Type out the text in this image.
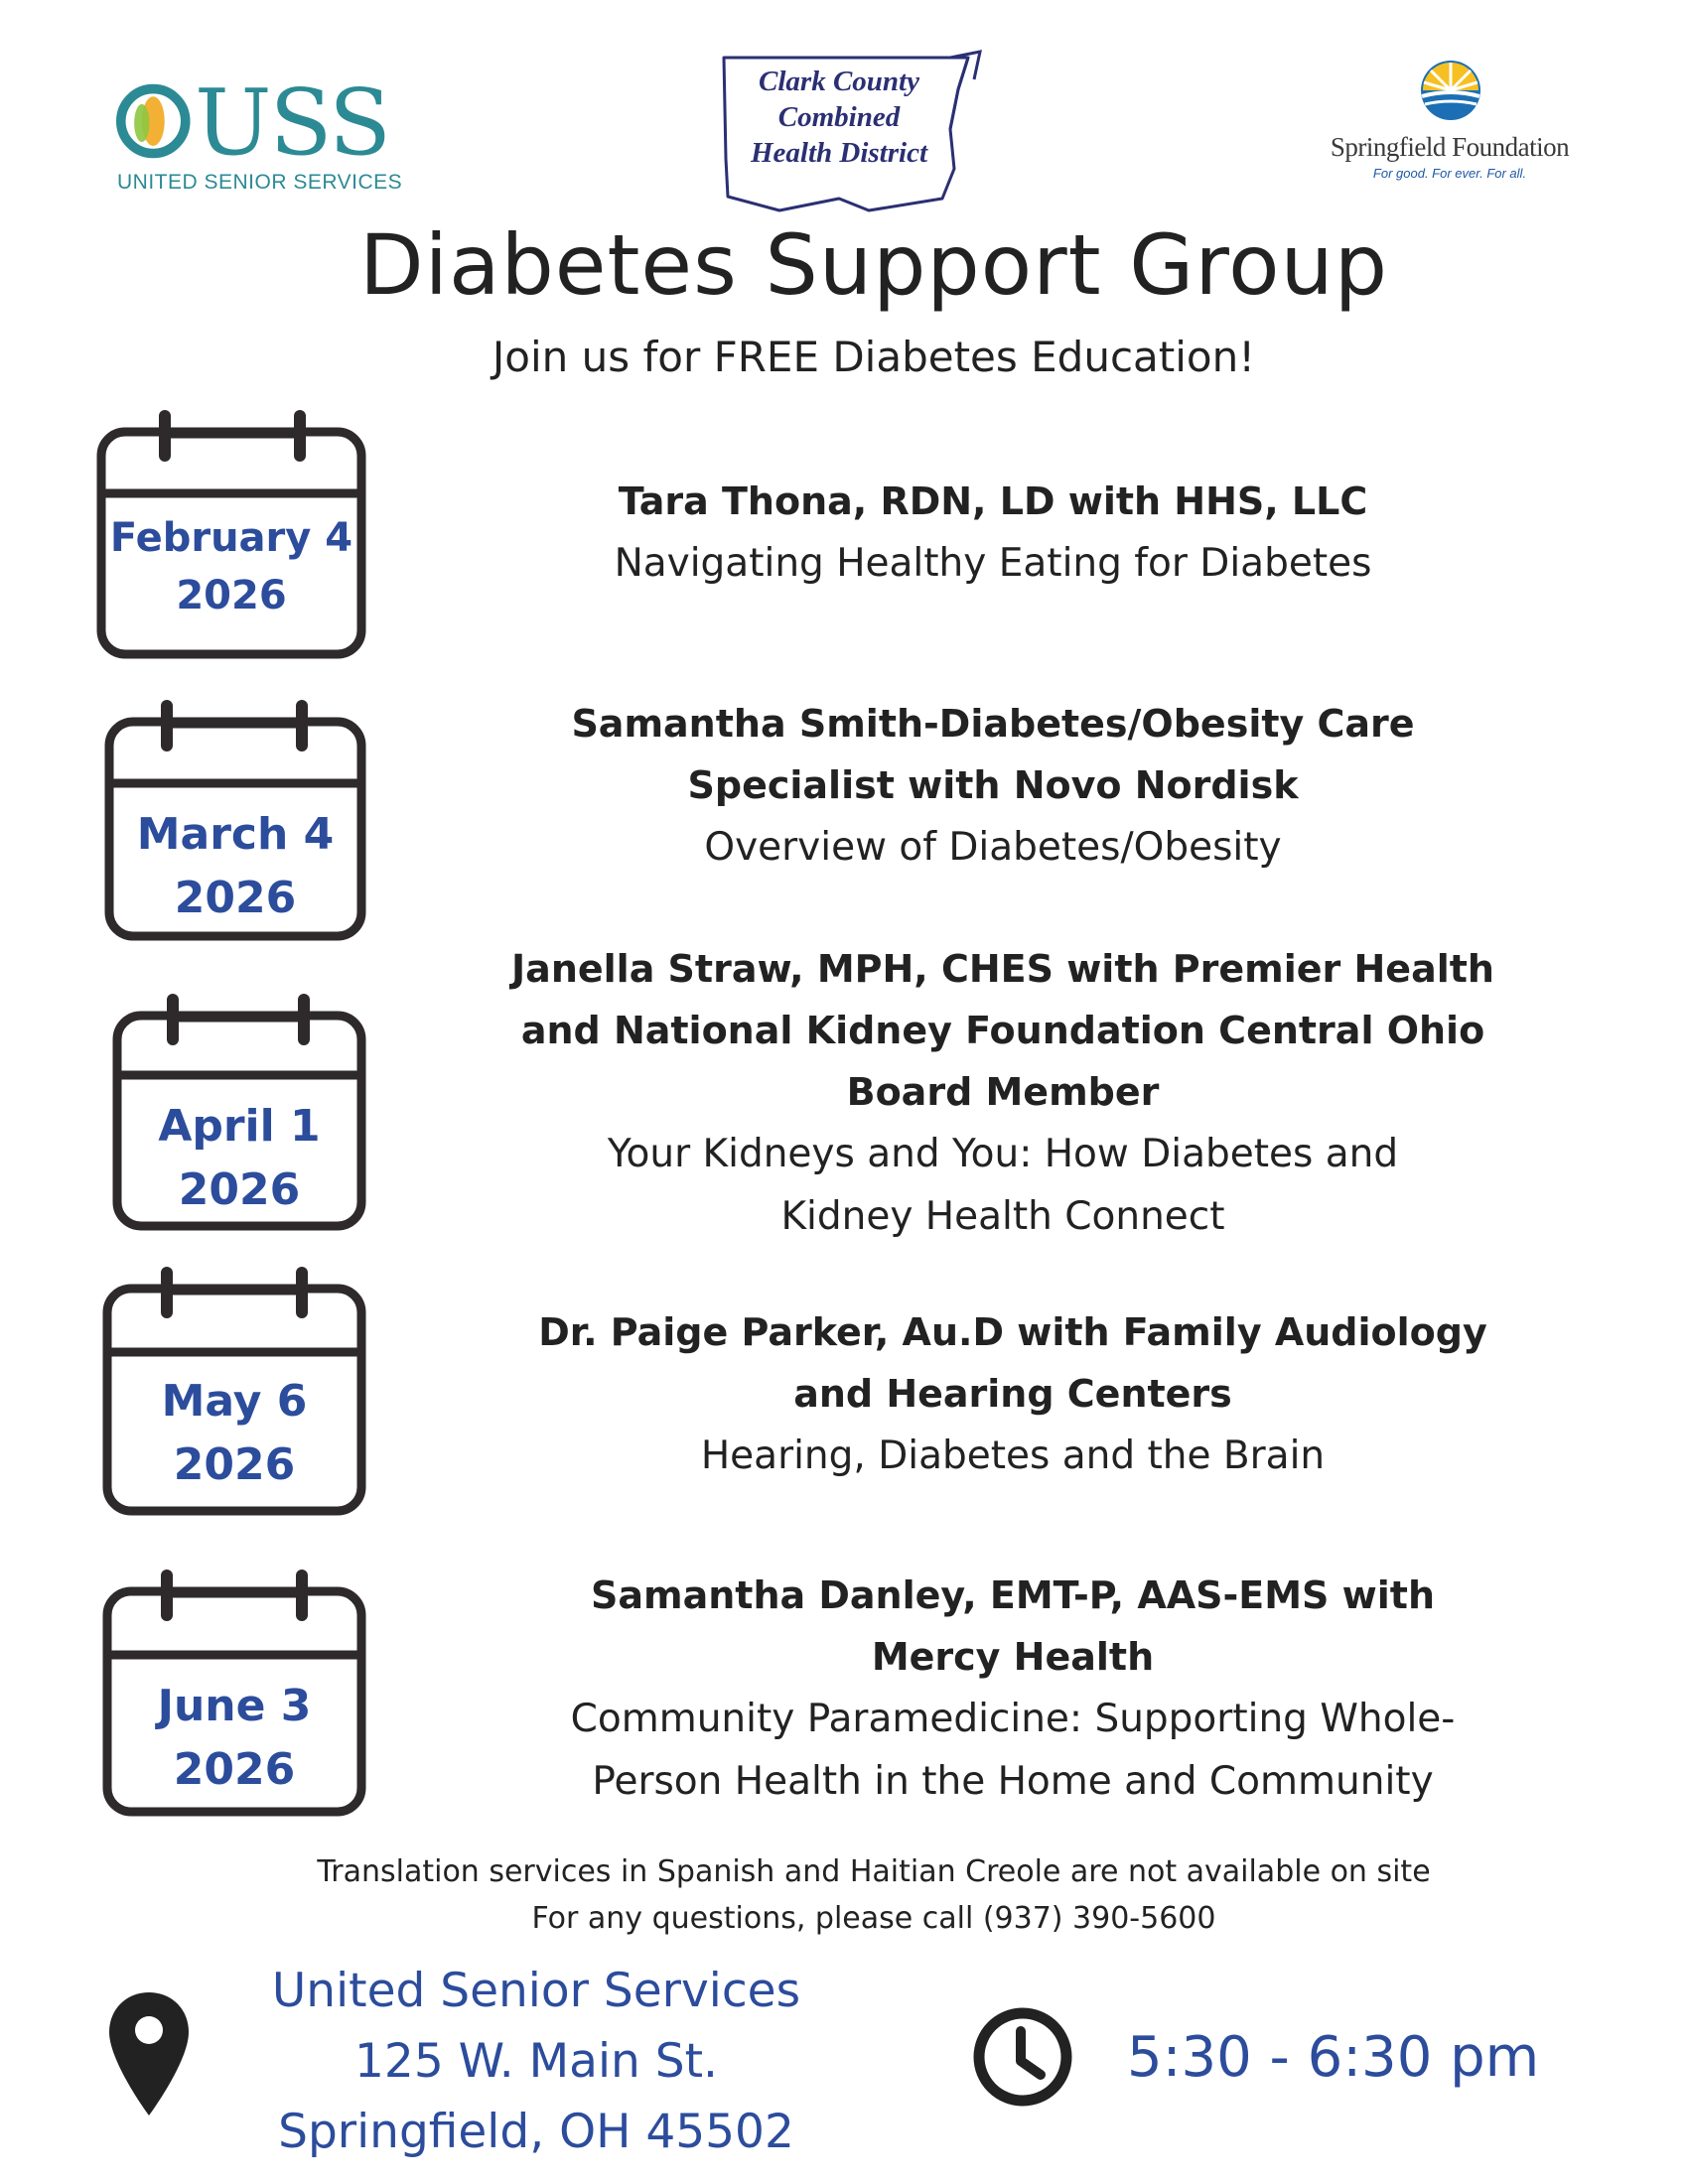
USS
UNITED SENIOR SERVICES
Clark County
Combined
Health District	Springfield Foundation
For good. For ever. For all.
Diabetes Support Group
Join us for FREE Diabetes Education!
February 4
2026
Tara Thona, RDN, LD with HHS, LLC
Navigating Healthy Eating for Diabetes
March 4
2026
Samantha Smith-Diabetes/Obesity Care
Specialist with Novo Nordisk
Overview of Diabetes/Obesity
April 1
2026
Janella Straw, MPH, CHES with Premier Health
and National Kidney Foundation Central Ohio
Board Member
Your Kidneys and You: How Diabetes and
Kidney Health Connect
May 6
2026
Dr. Paige Parker, Au.D with Family Audiology
and Hearing Centers
Hearing, Diabetes and the Brain
June 3
2026
Samantha Danley, EMT-P, AAS-EMS with
Mercy Health
Community Paramedicine: Supporting Whole-
Person Health in the Home and Community
Translation services in Spanish and Haitian Creole are not available on site
For any questions, please call (937) 390-5600
United Senior Services
125 W. Main St.
Springfield, OH 45502
5:30 - 6:30 pm
